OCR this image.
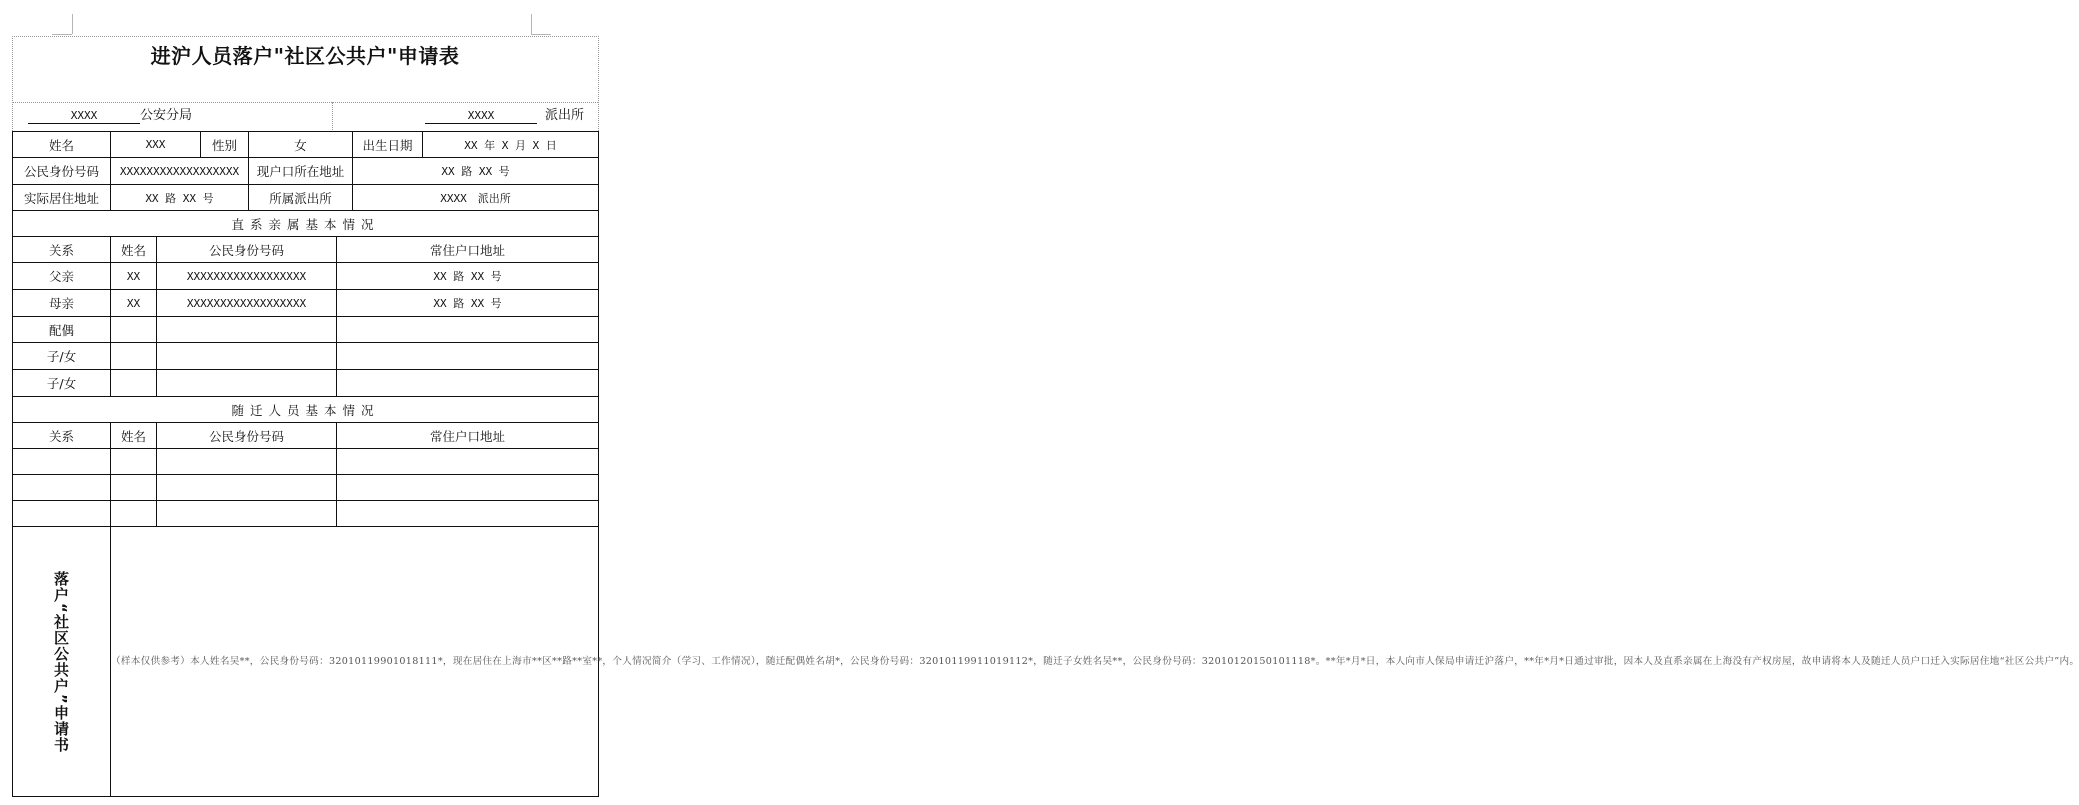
进沪人员落户"社区公共户"申请表
XXXX	公安分局	XXXX	派出所
姓名	XXX		性别	女		出生日期	XX 年 X 月 X 日
公民身份号码	XXXXXXXXXXXXXXXXXX			现户口所在地址		XX 路 XX 号	
实际居住地址	XX 路 XX 号			所属派出所		XXXX　派出所	
直系亲属基本情况							
关系	姓名	公民身份号码			常住户口地址		
父亲	XX	XXXXXXXXXXXXXXXXXX			XX 路 XX 号		
母亲	XX	XXXXXXXXXXXXXXXXXX			XX 路 XX 号		
配偶							
子/女							
子/女							
随迁人员基本情况							
关系	姓名	公民身份号码			常住户口地址		

落户“社区公共户”申请书	（样本仅供参考）本人姓名吴**，公民身份号码：32010119901018111*，现在居住在上海市**区**路**室**，个人情况简介（学习、工作情况），随迁配偶姓名胡*，公民身份号码：32010119911019112*，随迁子女姓名吴**，公民身份号码：32010120150101118*。**年*月*日，本人向市人保局申请迁沪落户，**年*月*日通过审批，因本人及直系亲属在上海没有产权房屋，故申请将本人及随迁人员户口迁入实际居住地“社区公共户”内。						
